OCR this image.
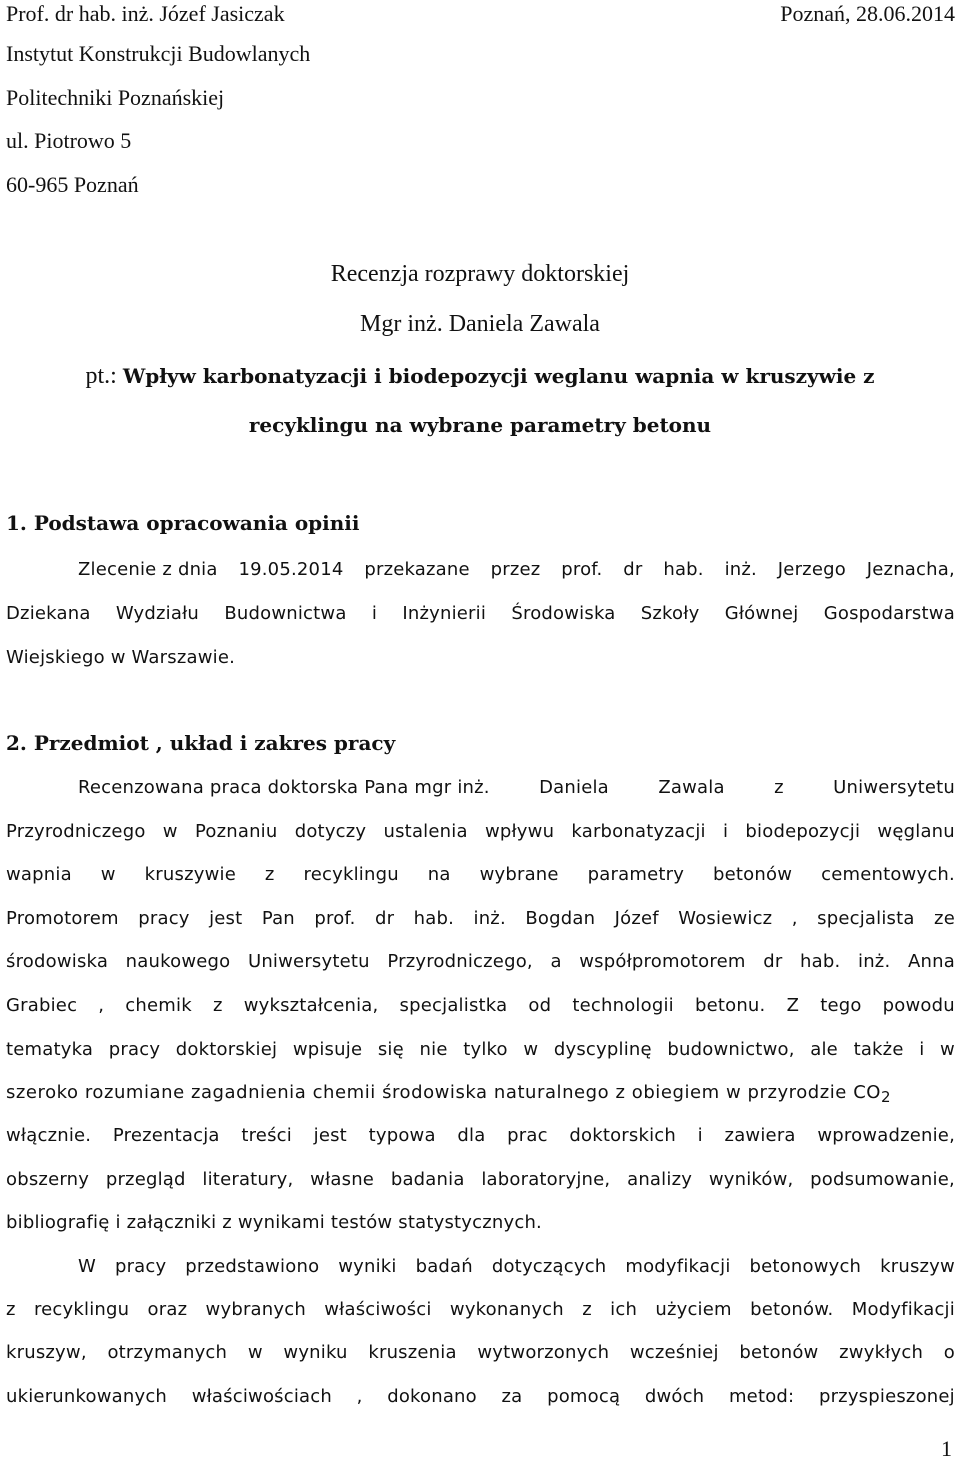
Prof. dr hab. inż. Józef Jasiczak	Poznań, 28.06.2014
Instytut Konstrukcji Budowlanych
Politechniki Poznańskiej
ul. Piotrowo 5
60-965 Poznań
Recenzja rozprawy doktorskiej
Mgr inż. Daniela Zawala
pt.: Wpływ karbonatyzacji i biodepozycji weglanu wapnia w kruszywie z
recyklingu na wybrane parametry betonu
1. Podstawa opracowania opinii
Zlecenie z dnia 19.05.2014 przekazane przez prof. dr hab. inż. Jerzego Jeznacha,
Dziekana Wydziału Budownictwa i Inżynierii Środowiska Szkoły Głównej Gospodarstwa
Wiejskiego w Warszawie.
2. Przedmiot , układ i zakres pracy
Recenzowana praca doktorska Pana mgr inż.	Daniela	Zawala	z	Uniwersytetu
Przyrodniczego w Poznaniu dotyczy ustalenia wpływu karbonatyzacji i biodepozycji węglanu
wapnia w kruszywie z recyklingu na wybrane parametry betonów cementowych.
Promotorem pracy jest Pan prof. dr hab. inż. Bogdan Józef Wosiewicz , specjalista ze
środowiska naukowego Uniwersytetu Przyrodniczego, a współpromotorem dr hab. inż. Anna
Grabiec , chemik z wykształcenia, specjalistka od technologii betonu. Z tego powodu
tematyka pracy doktorskiej wpisuje się nie tylko w dyscyplinę budownictwo, ale także i w
szeroko rozumiane zagadnienia chemii środowiska naturalnego z obiegiem w przyrodzie $CO_2$
włącznie. Prezentacja treści jest typowa dla prac doktorskich i zawiera wprowadzenie,
obszerny przegląd literatury, własne badania laboratoryjne, analizy wyników, podsumowanie,
bibliografię i załączniki z wynikami testów statystycznych.
W pracy przedstawiono wyniki badań dotyczących modyfikacji betonowych kruszyw
z recyklingu oraz wybranych właściwości wykonanych z ich użyciem betonów. Modyfikacji
kruszyw, otrzymanych w wyniku kruszenia wytworzonych wcześniej betonów zwykłych o
ukierunkowanych właściwościach , dokonano za pomocą dwóch metod: przyspieszonej
1
